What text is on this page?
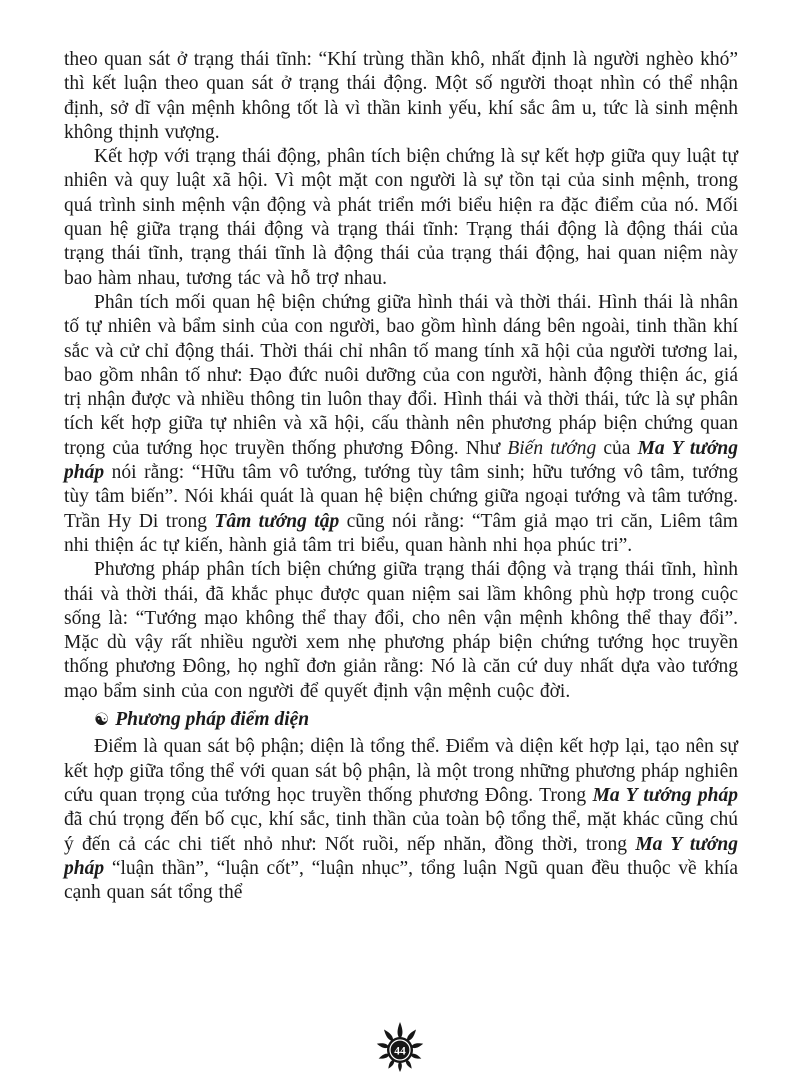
theo quan sát ở trạng thái tĩnh: “Khí trùng thần khô, nhất định là người nghèo khó” thì kết luận theo quan sát ở trạng thái động. Một số người thoạt nhìn có thể nhận định, sở dĩ vận mệnh không tốt là vì thần kinh yếu, khí sắc âm u, tức là sinh mệnh không thịnh vượng.

Kết hợp với trạng thái động, phân tích biện chứng là sự kết hợp giữa quy luật tự nhiên và quy luật xã hội. Vì một mặt con người là sự tồn tại của sinh mệnh, trong quá trình sinh mệnh vận động và phát triển mới biểu hiện ra đặc điểm của nó. Mối quan hệ giữa trạng thái động và trạng thái tĩnh: Trạng thái động là động thái của trạng thái tĩnh, trạng thái tĩnh là động thái của trạng thái động, hai quan niệm này bao hàm nhau, tương tác và hỗ trợ nhau.

Phân tích mối quan hệ biện chứng giữa hình thái và thời thái. Hình thái là nhân tố tự nhiên và bẩm sinh của con người, bao gồm hình dáng bên ngoài, tinh thần khí sắc và cử chỉ động thái. Thời thái chỉ nhân tố mang tính xã hội của người tương lai, bao gồm nhân tố như: Đạo đức nuôi dưỡng của con người, hành động thiện ác, giá trị nhận được và nhiều thông tin luôn thay đổi. Hình thái và thời thái, tức là sự phân tích kết hợp giữa tự nhiên và xã hội, cấu thành nên phương pháp biện chứng quan trọng của tướng học truyền thống phương Đông. Như Biến tướng của Ma Y tướng pháp nói rằng: “Hữu tâm vô tướng, tướng tùy tâm sinh; hữu tướng vô tâm, tướng tùy tâm biến”. Nói khái quát là quan hệ biện chứng giữa ngoại tướng và tâm tướng. Trần Hy Di trong Tâm tướng tập cũng nói rằng: “Tâm giả mạo tri căn, Liêm tâm nhi thiện ác tự kiến, hành giả tâm tri biểu, quan hành nhi họa phúc tri”.

Phương pháp phân tích biện chứng giữa trạng thái động và trạng thái tĩnh, hình thái và thời thái, đã khắc phục được quan niệm sai lầm không phù hợp trong cuộc sống là: “Tướng mạo không thể thay đổi, cho nên vận mệnh không thể thay đổi”. Mặc dù vậy rất nhiều người xem nhẹ phương pháp biện chứng tướng học truyền thống phương Đông, họ nghĩ đơn giản rằng: Nó là căn cứ duy nhất dựa vào tướng mạo bẩm sinh của con người để quyết định vận mệnh cuộc đời.

☯ Phương pháp điểm diện

Điểm là quan sát bộ phận; diện là tổng thể. Điểm và diện kết hợp lại, tạo nên sự kết hợp giữa tổng thể với quan sát bộ phận, là một trong những phương pháp nghiên cứu quan trọng của tướng học truyền thống phương Đông. Trong Ma Y tướng pháp đã chú trọng đến bố cục, khí sắc, tinh thần của toàn bộ tổng thể, mặt khác cũng chú ý đến cả các chi tiết nhỏ như: Nốt ruồi, nếp nhăn, đồng thời, trong Ma Y tướng pháp “luận thần”, “luận cốt”, “luận nhục”, tổng luận Ngũ quan đều thuộc về khía cạnh quan sát tổng thể

44
